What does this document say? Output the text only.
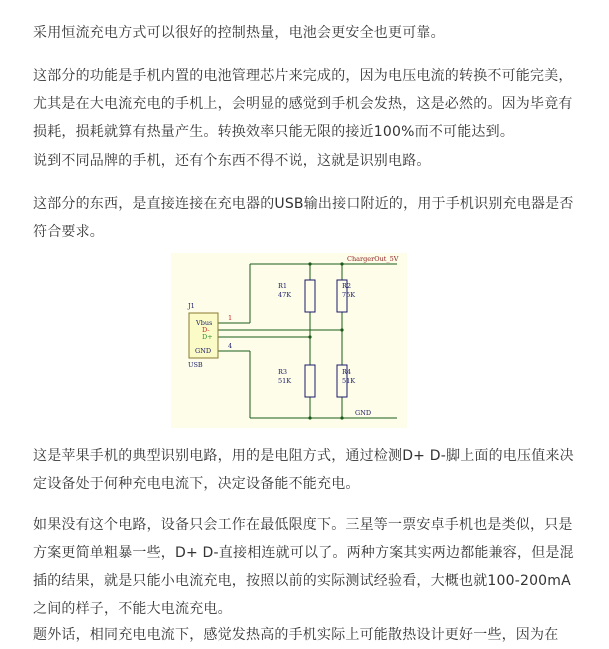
采用恒流充电方式可以很好的控制热量，电池会更安全也更可靠。

这部分的功能是手机内置的电池管理芯片来完成的，因为电压电流的转换不可能完美，尤其是在大电流充电的手机上，会明显的感觉到手机会发热，这是必然的。因为毕竟有损耗，损耗就算有热量产生。转换效率只能无限的接近100%而不可能达到。

说到不同品牌的手机，还有个东西不得不说，这就是识别电路。

这部分的东西，是直接连接在充电器的USB输出接口附近的，用于手机识别充电器是否符合要求。

这是苹果手机的典型识别电路，用的是电阻方式，通过检测D+ D-脚上面的电压值来决定设备处于何种充电电流下，决定设备能不能充电。

如果没有这个电路，设备只会工作在最低限度下。三星等一票安卓手机也是类似，只是方案更简单粗暴一些，D+ D-直接相连就可以了。两种方案其实两边都能兼容，但是混插的结果，就是只能小电流充电，按照以前的实际测试经验看，大概也就100-200mA之间的样子，不能大电流充电。

题外话，相同充电电流下，感觉发热高的手机实际上可能散热设计更好一些，因为在

R1
47K
R2
75K
R3
51K
R4
51K
J1
USB
Vbus
D-
D+
GND
1
4
ChargerOut_5V
GND
